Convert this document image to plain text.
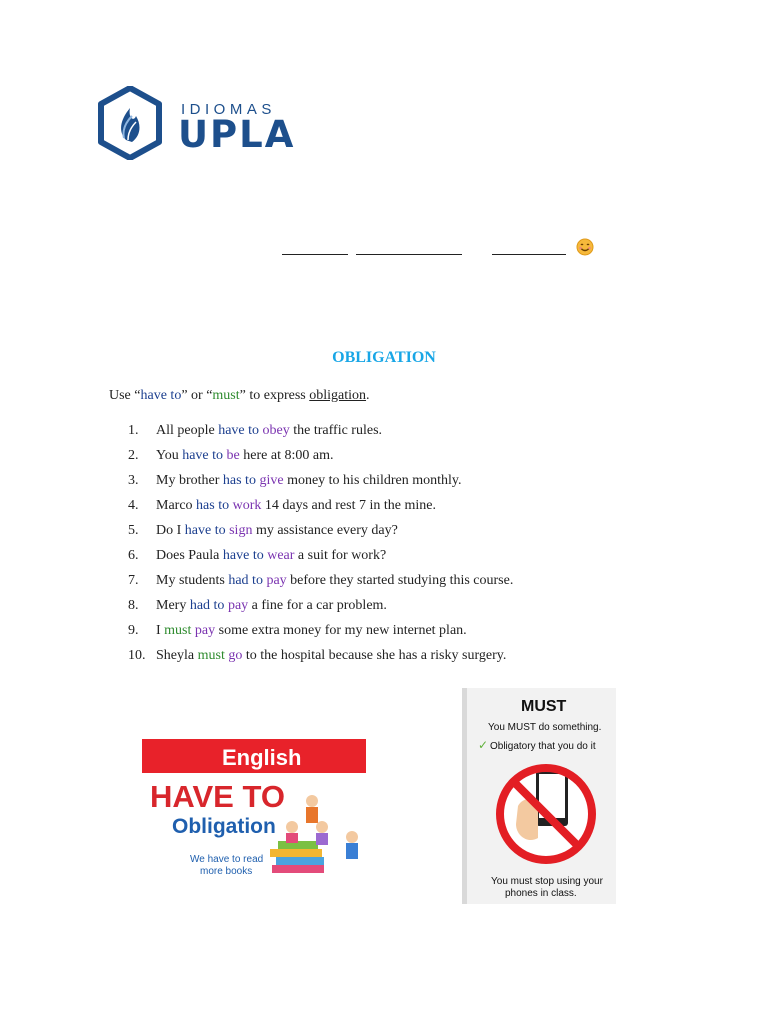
IDIOMAS
UPLA
OBLIGATION
Use “have to” or “must” to express obligation.
1. All people have to obey the traffic rules.
2. You have to be here at 8:00 am.
3. My brother has to give money to his children monthly.
4. Marco has to work 14 days and rest 7 in the mine.
5. Do I have to sign my assistance every day?
6. Does Paula have to wear a suit for work?
7. My students had to pay before they started studying this course.
8. Mery had to pay a fine for a car problem.
9. I must pay some extra money for my new internet plan.
10. Sheyla must go to the hospital because she has a risky surgery.
English
HAVE TO
Obligation
We have to read
more books
MUST
You MUST do something.
✓ Obligatory that you do it
You must stop using your
phones in class.
